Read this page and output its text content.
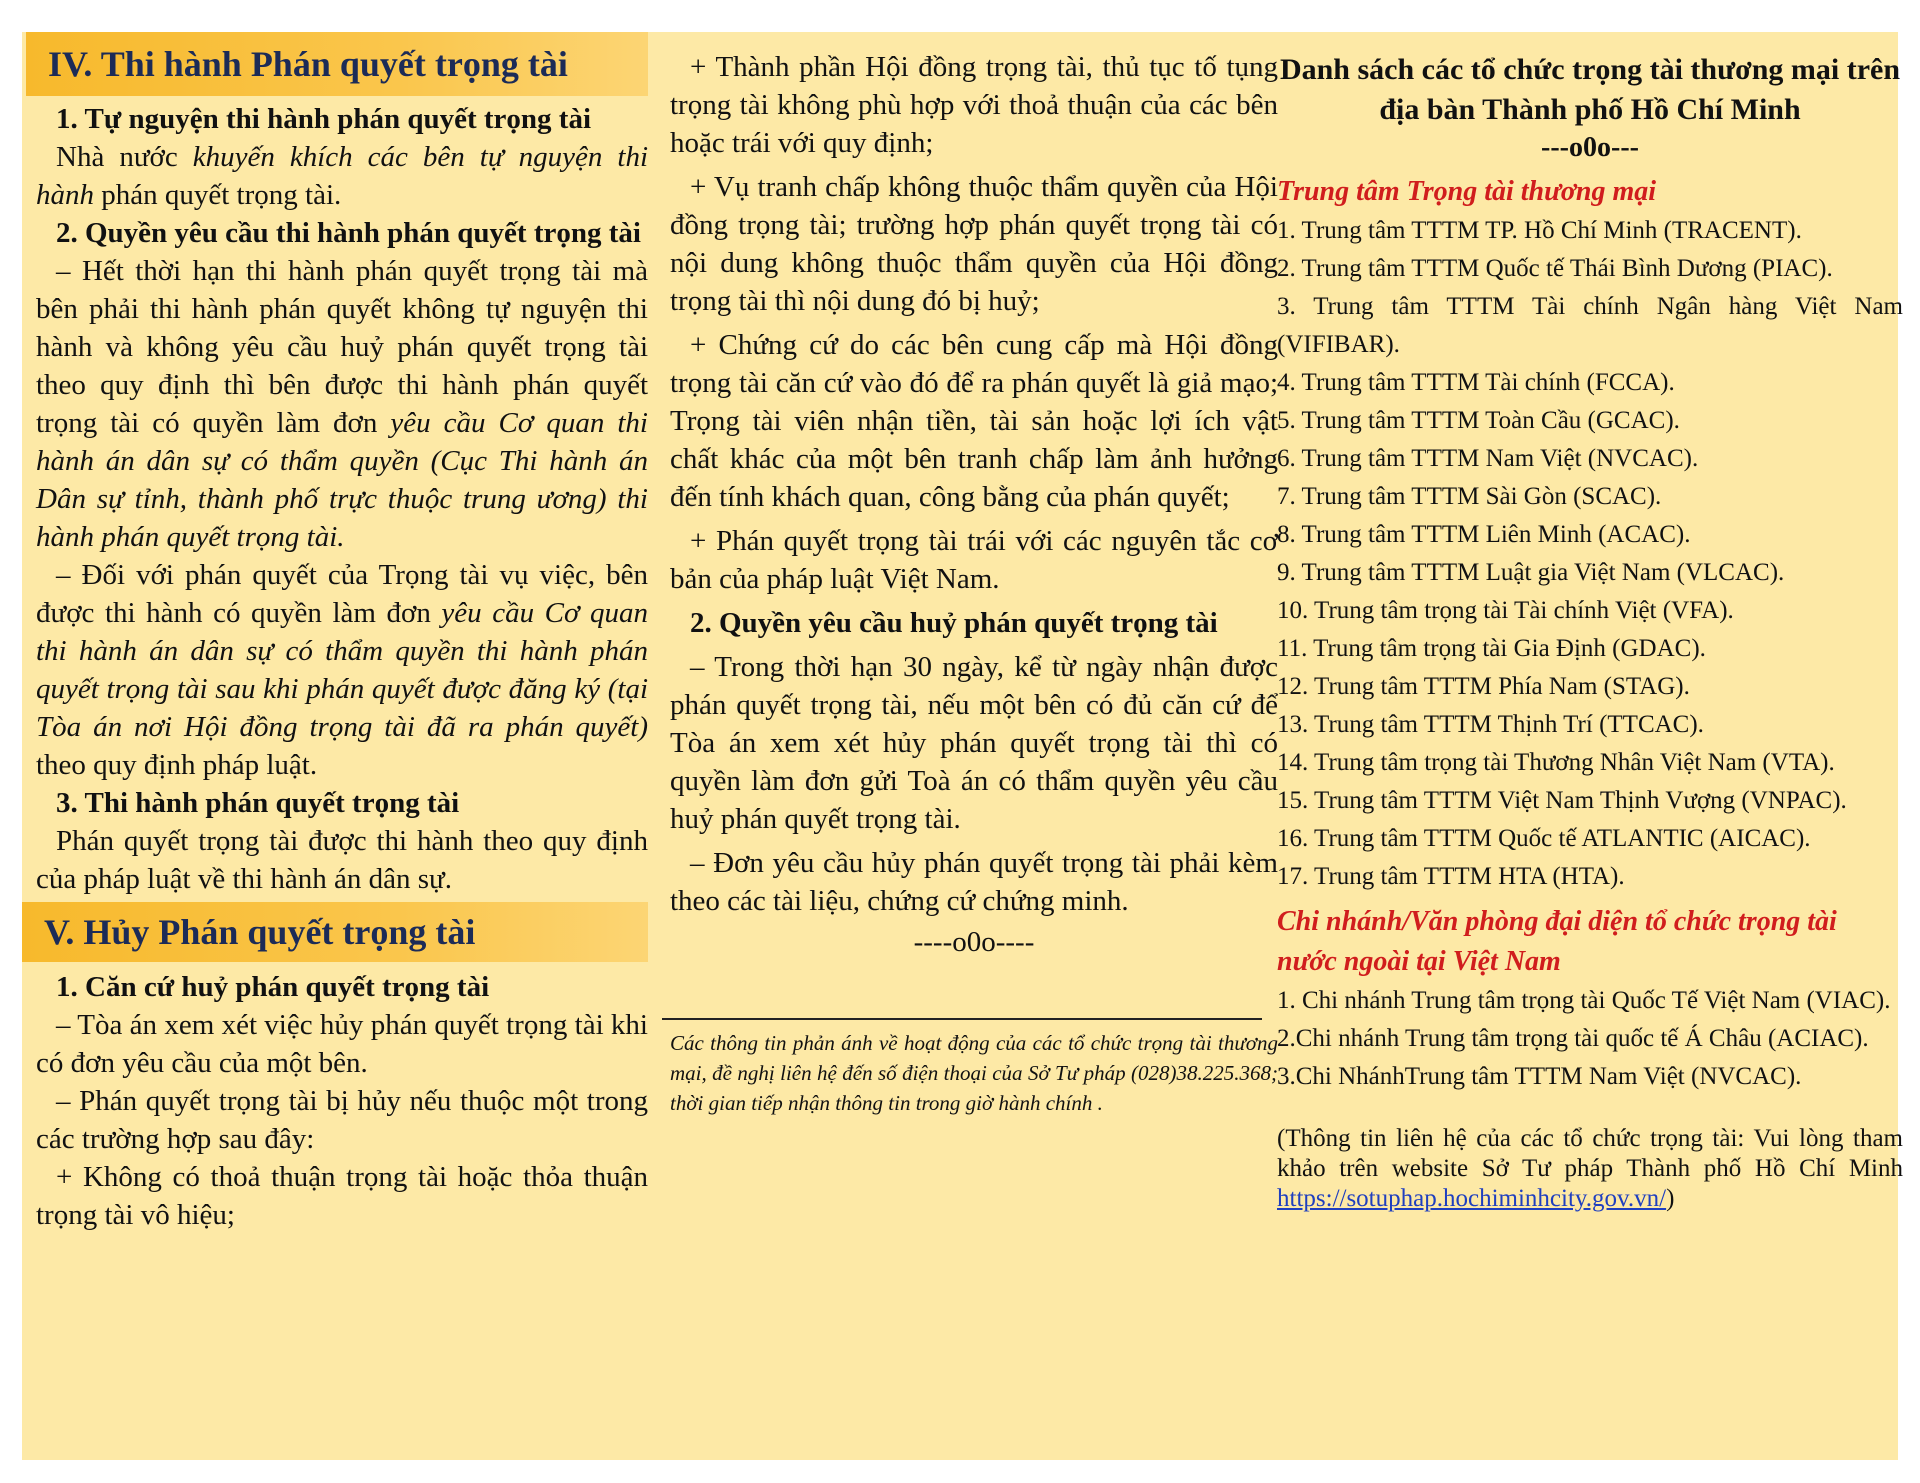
IV. Thi hành Phán quyết trọng tài
1. Tự nguyện thi hành phán quyết trọng tài
Nhà nước khuyến khích các bên tự nguyện thi hành phán quyết trọng tài.
2. Quyền yêu cầu thi hành phán quyết trọng tài
– Hết thời hạn thi hành phán quyết trọng tài mà bên phải thi hành phán quyết không tự nguyện thi hành và không yêu cầu huỷ phán quyết trọng tài theo quy định thì bên được thi hành phán quyết trọng tài có quyền làm đơn yêu cầu Cơ quan thi hành án dân sự có thẩm quyền (Cục Thi hành án Dân sự tỉnh, thành phố trực thuộc trung ương) thi hành phán quyết trọng tài.
– Đối với phán quyết của Trọng tài vụ việc, bên được thi hành có quyền làm đơn yêu cầu Cơ quan thi hành án dân sự có thẩm quyền thi hành phán quyết trọng tài sau khi phán quyết được đăng ký (tại Tòa án nơi Hội đồng trọng tài đã ra phán quyết) theo quy định pháp luật.
3. Thi hành phán quyết trọng tài
Phán quyết trọng tài được thi hành theo quy định của pháp luật về thi hành án dân sự.
V. Hủy Phán quyết trọng tài
1. Căn cứ huỷ phán quyết trọng tài
– Tòa án xem xét việc hủy phán quyết trọng tài khi có đơn yêu cầu của một bên.
– Phán quyết trọng tài bị hủy nếu thuộc một trong các trường hợp sau đây:
+ Không có thoả thuận trọng tài hoặc thỏa thuận trọng tài vô hiệu;
+ Thành phần Hội đồng trọng tài, thủ tục tố tụng trọng tài không phù hợp với thoả thuận của các bên hoặc trái với quy định;
+ Vụ tranh chấp không thuộc thẩm quyền của Hội đồng trọng tài; trường hợp phán quyết trọng tài có nội dung không thuộc thẩm quyền của Hội đồng trọng tài thì nội dung đó bị huỷ;
+ Chứng cứ do các bên cung cấp mà Hội đồng trọng tài căn cứ vào đó để ra phán quyết là giả mạo; Trọng tài viên nhận tiền, tài sản hoặc lợi ích vật chất khác của một bên tranh chấp làm ảnh hưởng đến tính khách quan, công bằng của phán quyết;
+ Phán quyết trọng tài trái với các nguyên tắc cơ bản của pháp luật Việt Nam.
2. Quyền yêu cầu huỷ phán quyết trọng tài
– Trong thời hạn 30 ngày, kể từ ngày nhận được phán quyết trọng tài, nếu một bên có đủ căn cứ để Tòa án xem xét hủy phán quyết trọng tài thì có quyền làm đơn gửi Toà án có thẩm quyền yêu cầu huỷ phán quyết trọng tài.
– Đơn yêu cầu hủy phán quyết trọng tài phải kèm theo các tài liệu, chứng cứ chứng minh.
----o0o----
Các thông tin phản ánh về hoạt động của các tổ chức trọng tài thương mại, đề nghị liên hệ đến số điện thoại của Sở Tư pháp (028)38.225.368; thời gian tiếp nhận thông tin trong giờ hành chính .
Danh sách các tổ chức trọng tài thương mại trên địa bàn Thành phố Hồ Chí Minh
---o0o---
Trung tâm Trọng tài thương mại
1. Trung tâm TTTM TP. Hồ Chí Minh (TRACENT).
2. Trung tâm TTTM Quốc tế Thái Bình Dương (PIAC).
3. Trung tâm TTTM Tài chính Ngân hàng Việt Nam (VIFIBAR).
4. Trung tâm TTTM Tài chính (FCCA).
5. Trung tâm TTTM Toàn Cầu (GCAC).
6. Trung tâm TTTM Nam Việt (NVCAC).
7. Trung tâm TTTM Sài Gòn (SCAC).
8. Trung tâm TTTM Liên Minh (ACAC).
9. Trung tâm TTTM Luật gia Việt Nam (VLCAC).
10. Trung tâm trọng tài Tài chính Việt (VFA).
11. Trung tâm trọng tài Gia Định (GDAC).
12. Trung tâm TTTM Phía Nam (STAG).
13. Trung tâm TTTM Thịnh Trí (TTCAC).
14. Trung tâm trọng tài Thương Nhân Việt Nam (VTA).
15. Trung tâm TTTM Việt Nam Thịnh Vượng (VNPAC).
16. Trung tâm TTTM Quốc tế ATLANTIC (AICAC).
17. Trung tâm TTTM HTA (HTA).
Chi nhánh/Văn phòng đại diện tổ chức trọng tài nước ngoài tại Việt Nam
1. Chi nhánh Trung tâm trọng tài Quốc Tế Việt Nam (VIAC).
2.Chi nhánh Trung tâm trọng tài quốc tế Á Châu (ACIAC).
3.Chi NhánhTrung tâm TTTM Nam Việt (NVCAC).
(Thông tin liên hệ của các tổ chức trọng tài: Vui lòng tham khảo trên website Sở Tư pháp Thành phố Hồ Chí Minh https://sotuphap.hochiminhcity.gov.vn/)
